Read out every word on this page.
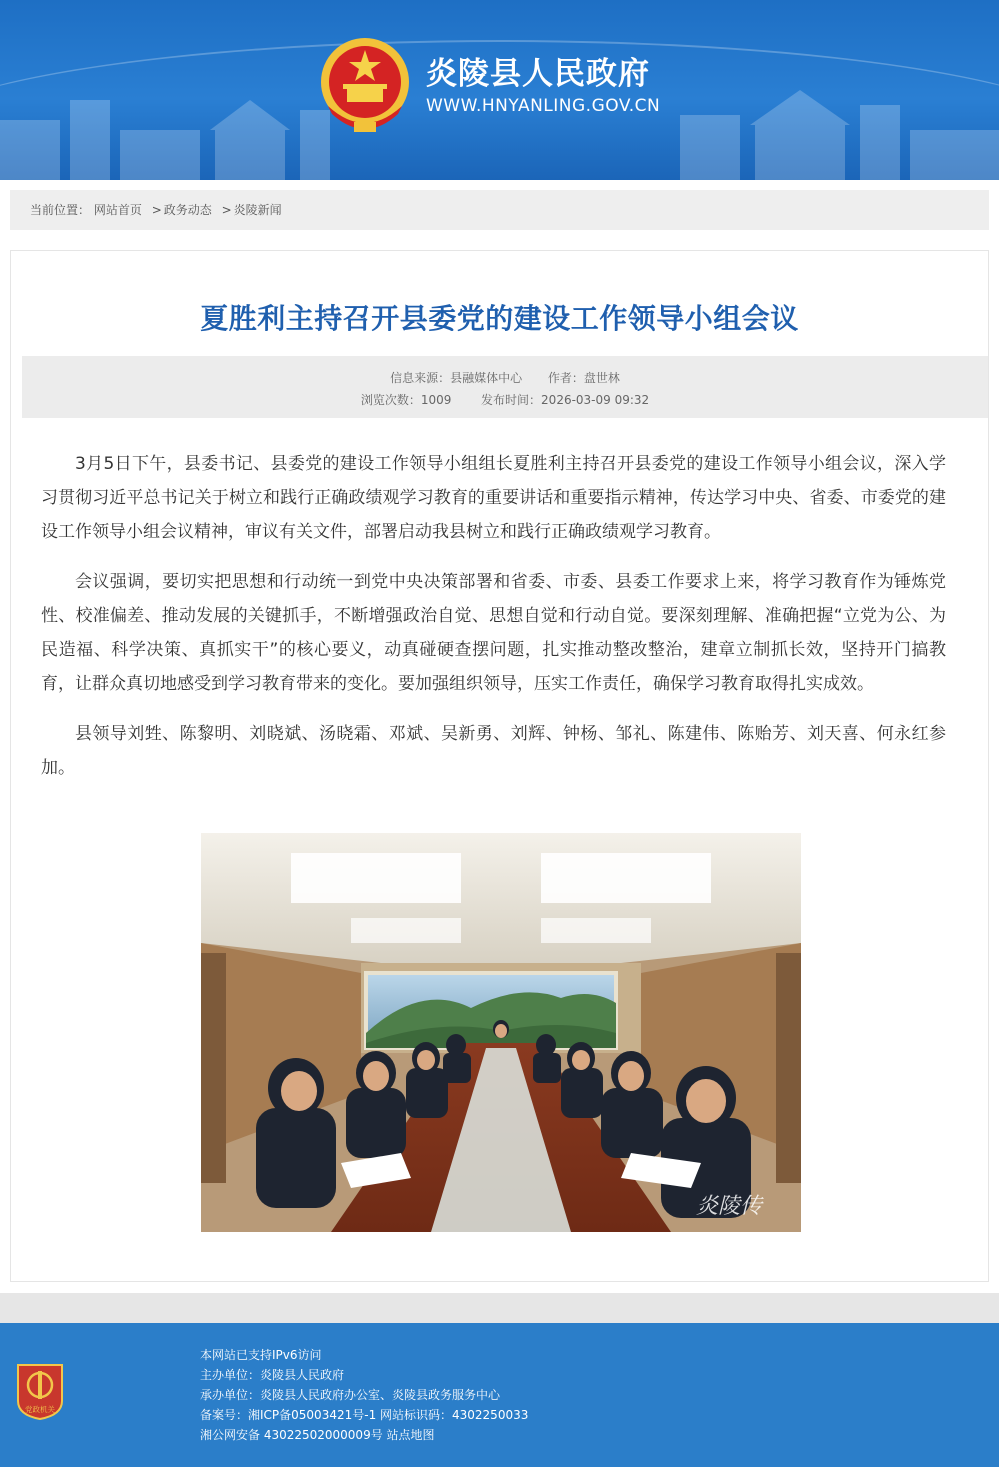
炎陵县人民政府
WWW.HNYANLING.GOV.CN
当前位置： 网站首页 > 政务动态 > 炎陵新闻
夏胜利主持召开县委党的建设工作领导小组会议
信息来源：县融媒体中心 作者：盘世林
浏览次数：1009 发布时间：2026-03-09 09:32

3月5日下午，县委书记、县委党的建设工作领导小组组长夏胜利主持召开县委党的建设工作领导小组会议，深入学习贯彻习近平总书记关于树立和践行正确政绩观学习教育的重要讲话和重要指示精神，传达学习中央、省委、市委党的建设工作领导小组会议精神，审议有关文件，部署启动我县树立和践行正确政绩观学习教育。

会议强调，要切实把思想和行动统一到党中央决策部署和省委、市委、县委工作要求上来，将学习教育作为锤炼党性、校准偏差、推动发展的关键抓手，不断增强政治自觉、思想自觉和行动自觉。要深刻理解、准确把握“立党为公、为民造福、科学决策、真抓实干”的核心要义，动真碰硬查摆问题，扎实推动整改整治，建章立制抓长效，坚持开门搞教育，让群众真切地感受到学习教育带来的变化。要加强组织领导，压实工作责任，确保学习教育取得扎实成效。

县领导刘甡、陈黎明、刘晓斌、汤晓霜、邓斌、吴新勇、刘辉、钟杨、邹礼、陈建伟、陈贻芳、刘天喜、何永红参加。

炎陵传
党政机关
本网站已支持IPv6访问
主办单位：炎陵县人民政府
承办单位：炎陵县人民政府办公室、炎陵县政务服务中心
备案号：湘ICP备05003421号-1 网站标识码：4302250033
湘公网安备 43022502000009号 站点地图
